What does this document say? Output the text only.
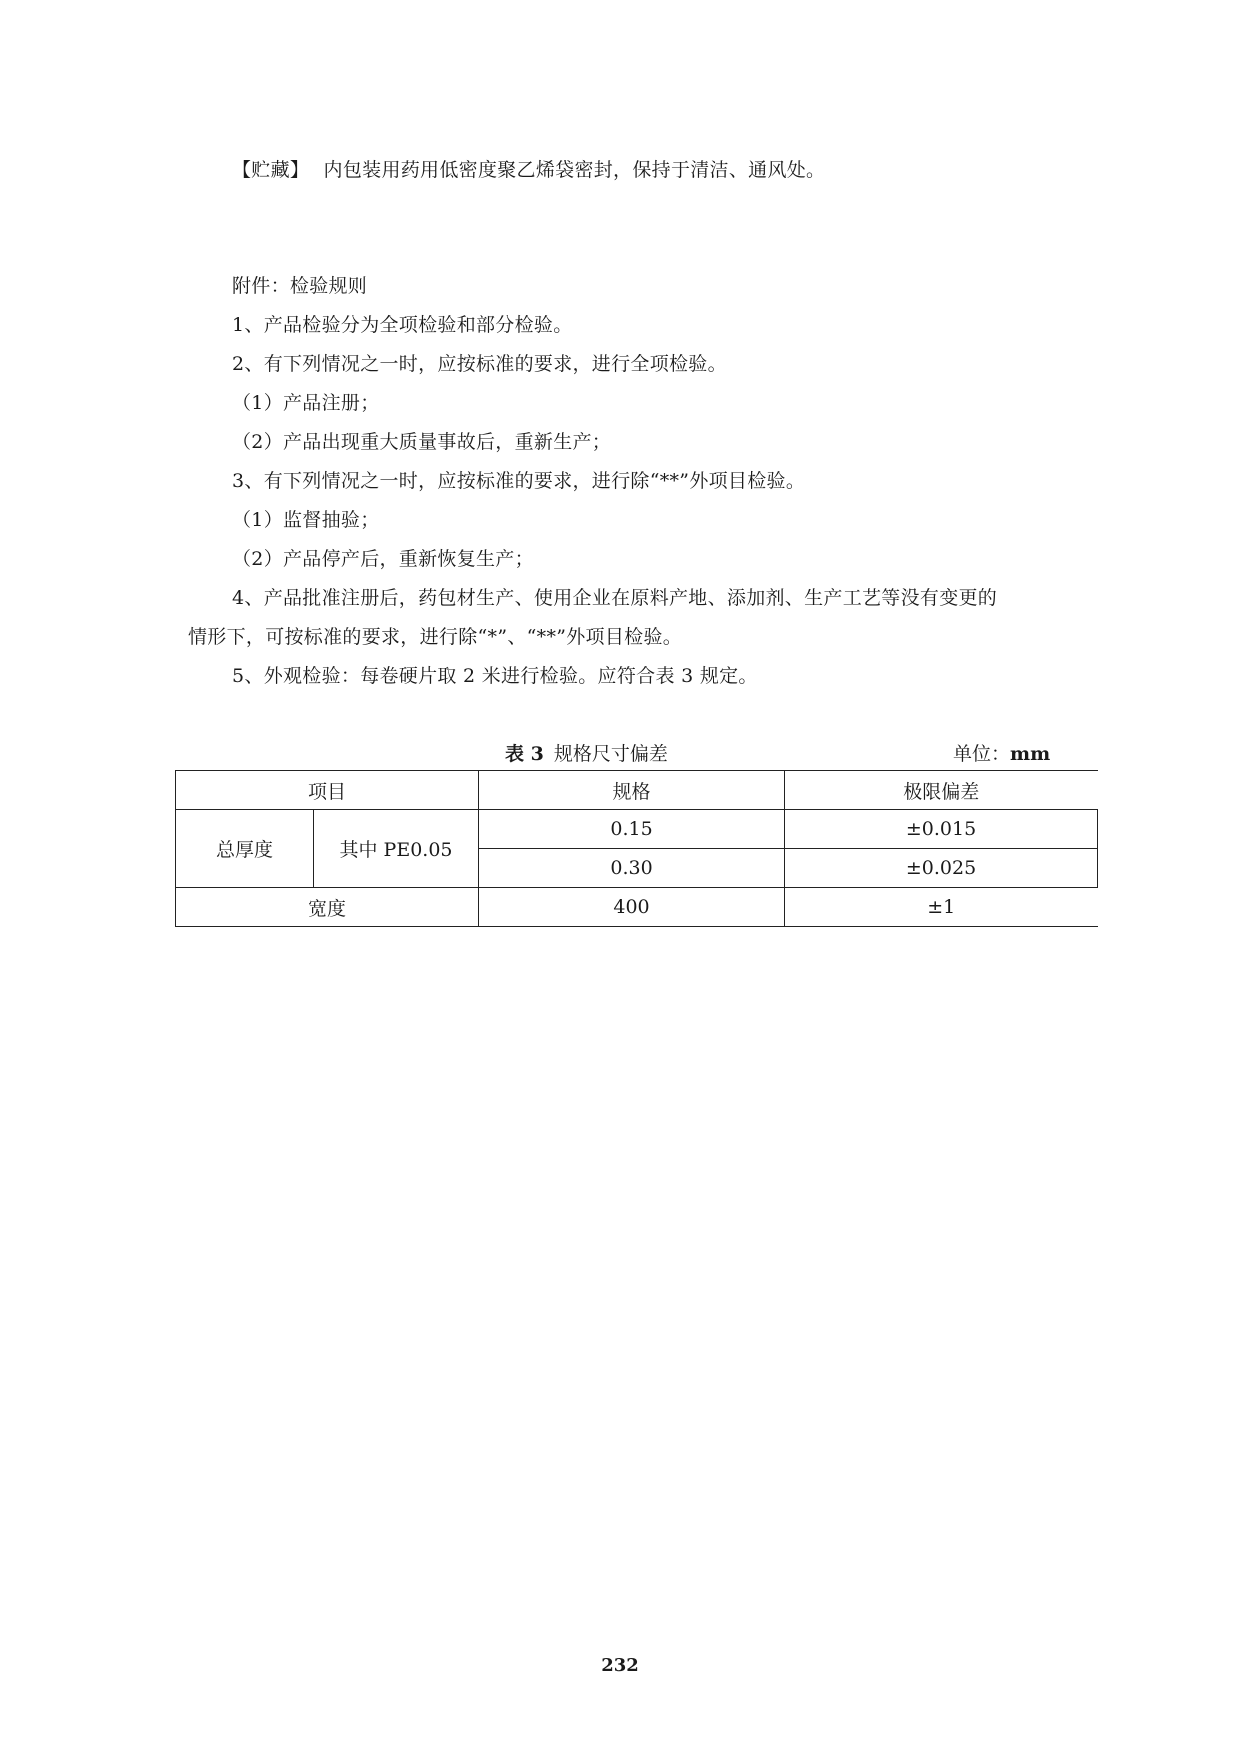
【贮藏】 内包装用药用低密度聚乙烯袋密封，保持于清洁、通风处。
附件：检验规则
1、产品检验分为全项检验和部分检验。
2、有下列情况之一时，应按标准的要求，进行全项检验。
（1）产品注册；
（2）产品出现重大质量事故后，重新生产；
3、有下列情况之一时，应按标准的要求，进行除“**”外项目检验。
（1）监督抽验；
（2）产品停产后，重新恢复生产；
4、产品批准注册后，药包材生产、使用企业在原料产地、添加剂、生产工艺等没有变更的
情形下，可按标准的要求，进行除“*”、“**”外项目检验。
5、外观检验：每卷硬片取 2 米进行检验。应符合表 3 规定。
表 3 规格尺寸偏差	单位：mm
项目		规格	极限偏差
总厚度	其中 PE0.05	0.15	±0.015
		0.30	±0.025
宽度		400	±1
232
